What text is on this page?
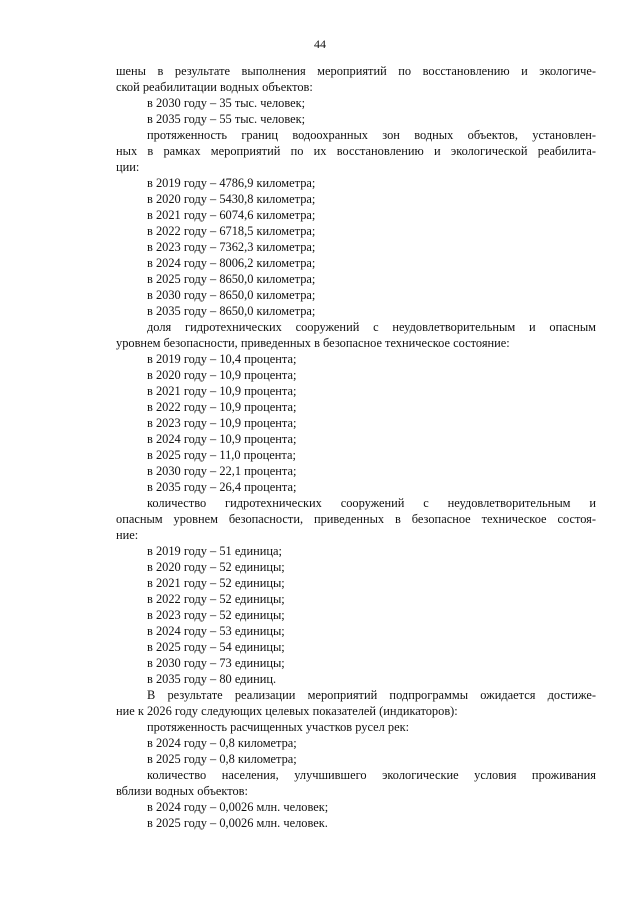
44
шены в результате выполнения мероприятий по восстановлению и экологиче-
ской реабилитации водных объектов:
в 2030 году – 35 тыс. человек;
в 2035 году – 55 тыс. человек;
протяженность границ водоохранных зон водных объектов, установлен-
ных в рамках мероприятий по их восстановлению и экологической реабилита-
ции:
в 2019 году – 4786,9 километра;
в 2020 году – 5430,8 километра;
в 2021 году – 6074,6 километра;
в 2022 году – 6718,5 километра;
в 2023 году – 7362,3 километра;
в 2024 году – 8006,2 километра;
в 2025 году – 8650,0 километра;
в 2030 году – 8650,0 километра;
в 2035 году – 8650,0 километра;
доля гидротехнических сооружений с неудовлетворительным и опасным
уровнем безопасности, приведенных в безопасное техническое состояние:
в 2019 году – 10,4 процента;
в 2020 году – 10,9 процента;
в 2021 году – 10,9 процента;
в 2022 году – 10,9 процента;
в 2023 году – 10,9 процента;
в 2024 году – 10,9 процента;
в 2025 году – 11,0 процента;
в 2030 году – 22,1 процента;
в 2035 году – 26,4 процента;
количество гидротехнических сооружений с неудовлетворительным и
опасным уровнем безопасности, приведенных в безопасное техническое состоя-
ние:
в 2019 году – 51 единица;
в 2020 году – 52 единицы;
в 2021 году – 52 единицы;
в 2022 году – 52 единицы;
в 2023 году – 52 единицы;
в 2024 году – 53 единицы;
в 2025 году – 54 единицы;
в 2030 году – 73 единицы;
в 2035 году – 80 единиц.
В результате реализации мероприятий подпрограммы ожидается достиже-
ние к 2026 году следующих целевых показателей (индикаторов):
протяженность расчищенных участков русел рек:
в 2024 году – 0,8 километра;
в 2025 году – 0,8 километра;
количество населения, улучшившего экологические условия проживания
вблизи водных объектов:
в 2024 году – 0,0026 млн. человек;
в 2025 году – 0,0026 млн. человек.
